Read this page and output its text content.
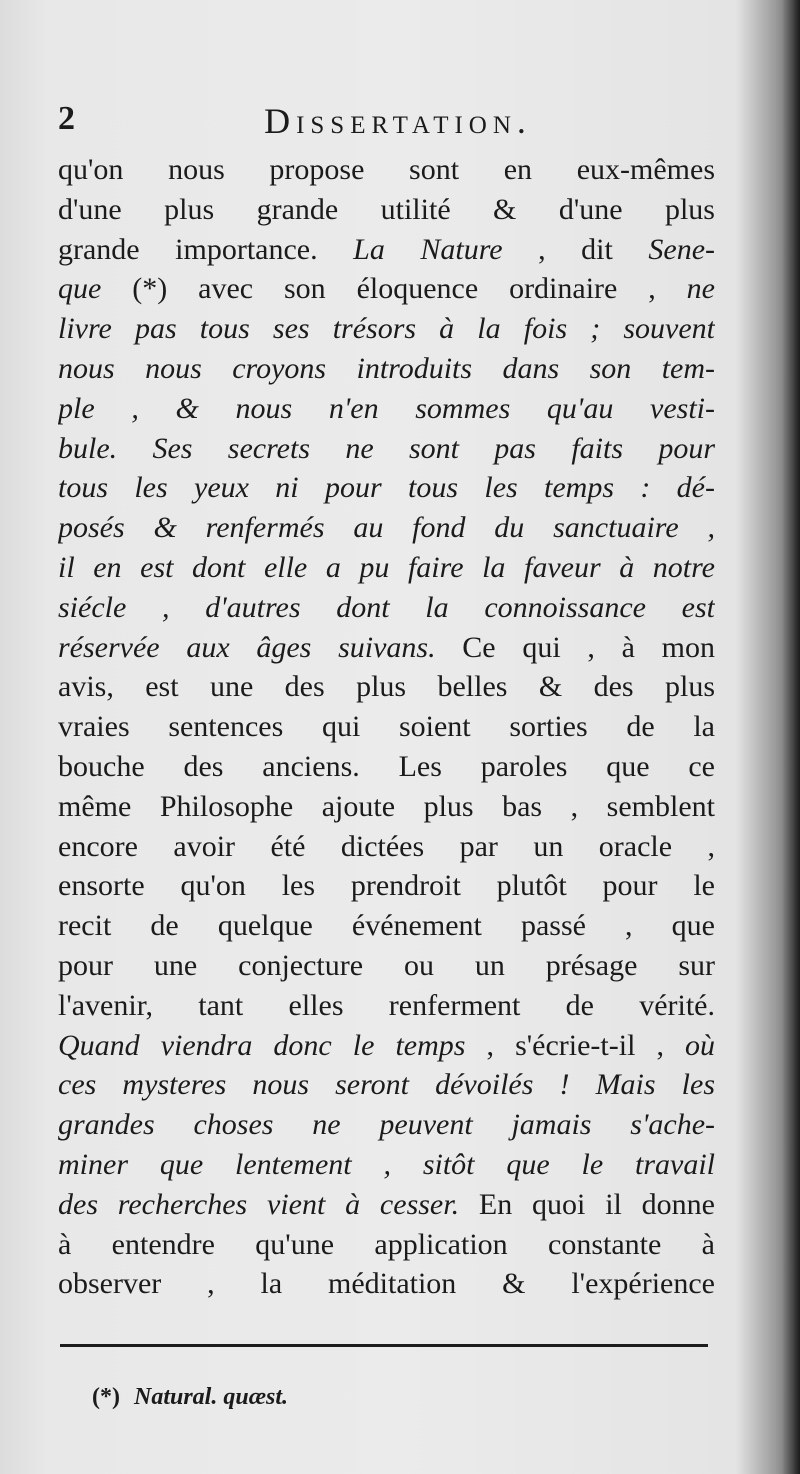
2	Dissertation.
qu'on nous propose sont en eux-mêmes
d'une plus grande utilité & d'une plus
grande importance. La Nature , dit Sene-
que (*) avec son éloquence ordinaire , ne
livre pas tous ses trésors à la fois ; souvent
nous nous croyons introduits dans son tem-
ple , & nous n'en sommes qu'au vesti-
bule. Ses secrets ne sont pas faits pour
tous les yeux ni pour tous les temps : dé-
posés & renfermés au fond du sanctuaire ,
il en est dont elle a pu faire la faveur à notre
siécle , d'autres dont la connoissance est
réservée aux âges suivans. Ce qui , à mon
avis, est une des plus belles & des plus
vraies sentences qui soient sorties de la
bouche des anciens. Les paroles que ce
même Philosophe ajoute plus bas , semblent
encore avoir été dictées par un oracle ,
ensorte qu'on les prendroit plutôt pour le
recit de quelque événement passé , que
pour une conjecture ou un présage sur
l'avenir, tant elles renferment de vérité.
Quand viendra donc le temps , s'écrie-t-il , où
ces mysteres nous seront dévoilés ! Mais les
grandes choses ne peuvent jamais s'ache-
miner que lentement , sitôt que le travail
des recherches vient à cesser. En quoi il donne
à entendre qu'une application constante à
observer , la méditation & l'expérience
(*) Natural. quæst.
